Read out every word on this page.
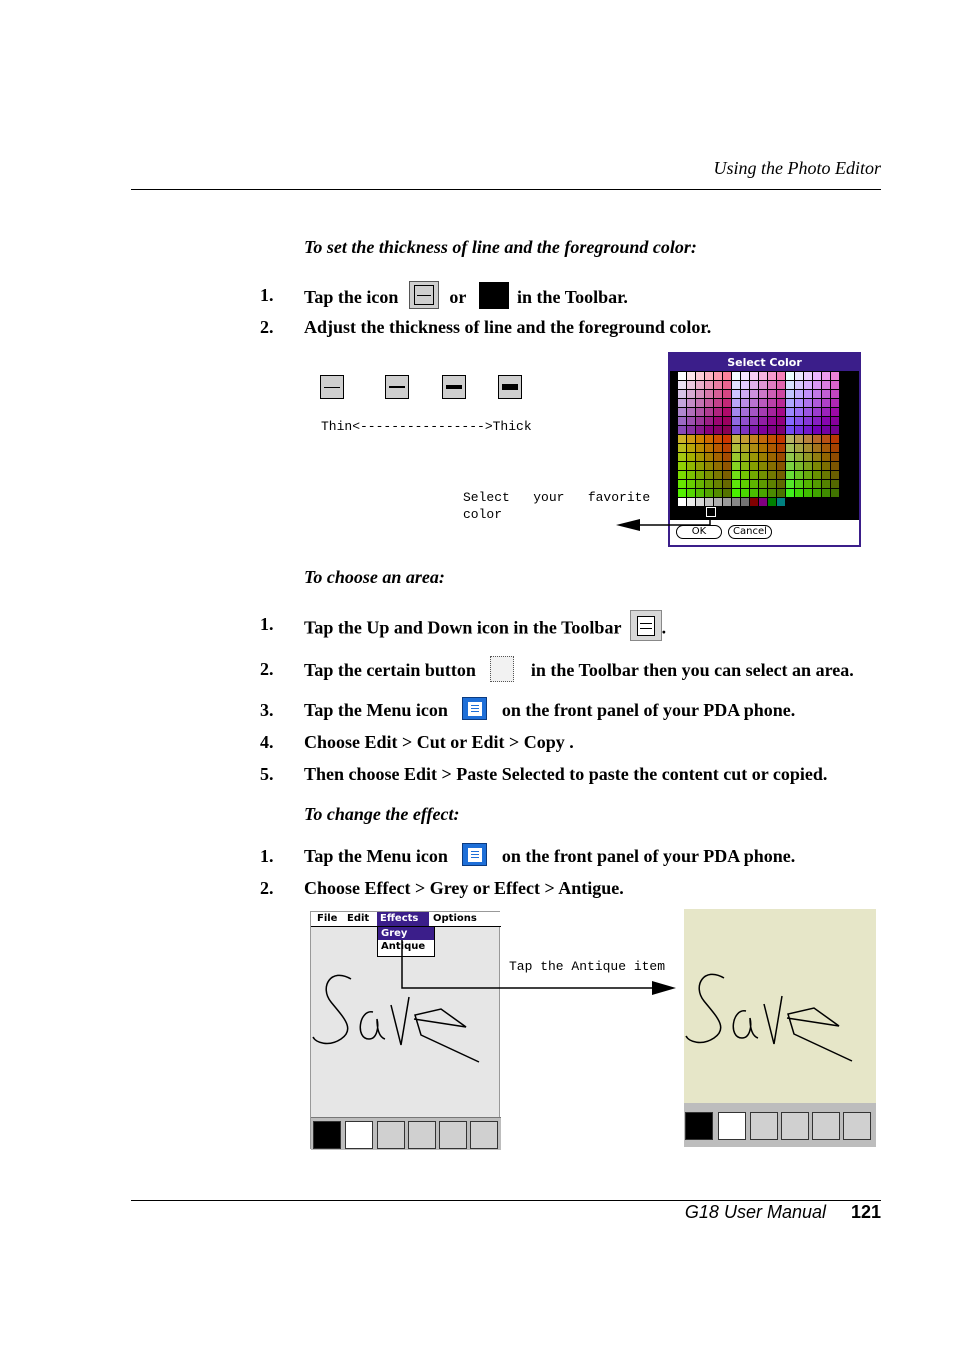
Using the Photo Editor
To set the thickness of line and the foreground color:
1. Tap the icon	or	in the Toolbar.
2. Adjust the thickness of line and the foreground color.
Thin<---------------->Thick
Select Color
OK	Cancel
Select   your   favorite
color
To choose an area:
1. Tap the Up and Down icon in the Toolbar .
2. Tap the certain button	in the Toolbar then you can select an area.
3. Tap the Menu icon	on the front panel of your PDA phone.
4. Choose Edit > Cut or Edit > Copy .
5. Then choose Edit > Paste Selected to paste the content cut or copied.
To change the effect:
1. Tap the Menu icon	on the front panel of your PDA phone.
2. Choose Effect > Grey or Effect > Antigue.
File Edit	Effects	Options
Grey
Antique
Tap the Antique item
G18 User Manual 121
